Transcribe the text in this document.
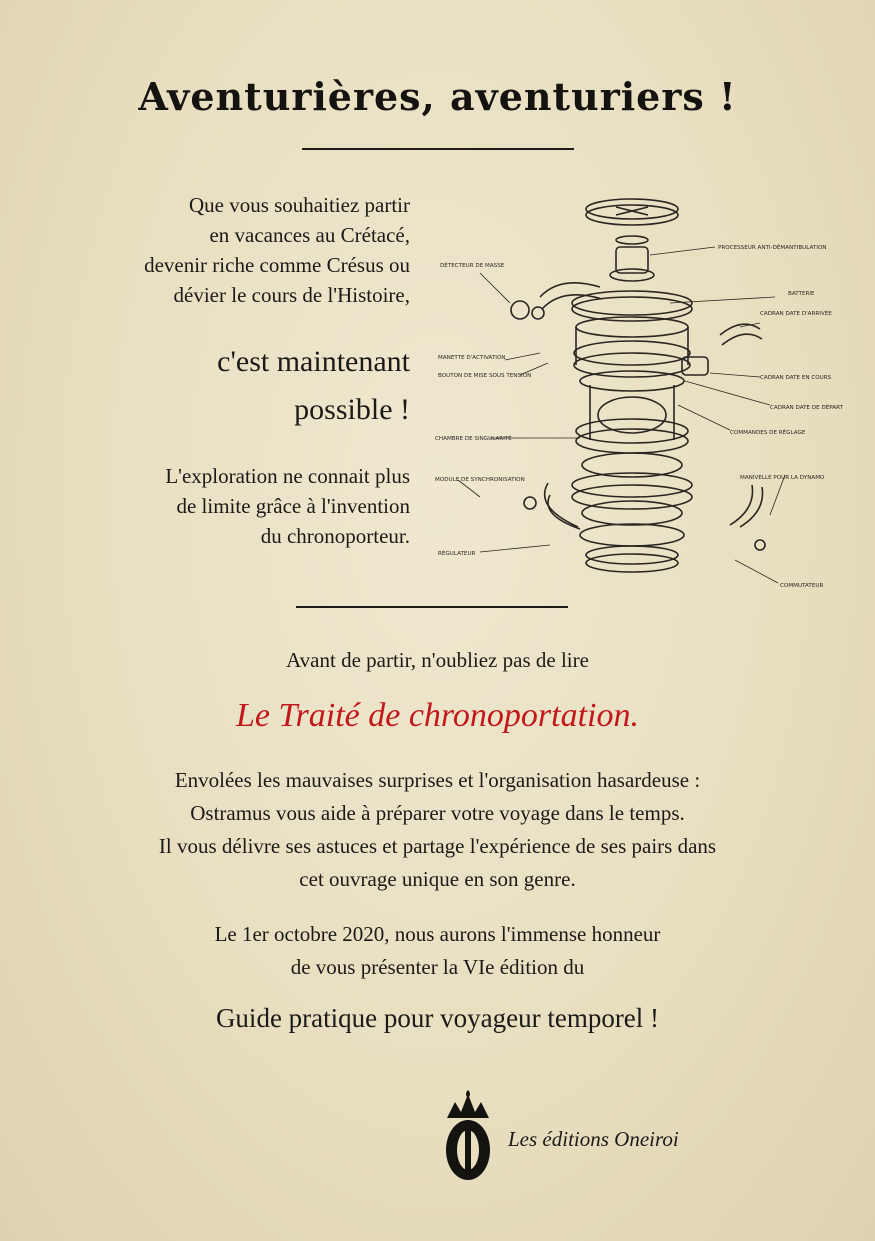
Aventurières, aventuriers !
Que vous souhaitiez partir
en vacances au Crétacé,
devenir riche comme Crésus ou
dévier le cours de l'Histoire,
c'est maintenant
possible !
L'exploration ne connait plus
de limite grâce à l'invention
du chronoporteur.
PROCESSEUR ANTI-DÉMANTIBULATION
DÉTECTEUR DE MASSE
BATTERIE
CADRAN DATE D'ARRIVÉE
MANETTE D'ACTIVATION
BOUTON DE MISE SOUS TENSION	CADRAN DATE EN COURS
CADRAN DATE DE DÉPART
COMMANDES DE RÉGLAGE
CHAMBRE DE SINGULARITÉ
MODULE DE SYNCHRONISATION	MANIVELLE POUR LA DYNAMO
RÉGULATEUR
COMMUTATEUR
Avant de partir, n'oubliez pas de lire
Le Traité de chronoportation.
Envolées les mauvaises surprises et l'organisation hasardeuse :
Ostramus vous aide à préparer votre voyage dans le temps.
Il vous délivre ses astuces et partage l'expérience de ses pairs dans
cet ouvrage unique en son genre.
Le 1er octobre 2020, nous aurons l'immense honneur
de vous présenter la VIe édition du
Guide pratique pour voyageur temporel !
Les éditions Oneiroi
